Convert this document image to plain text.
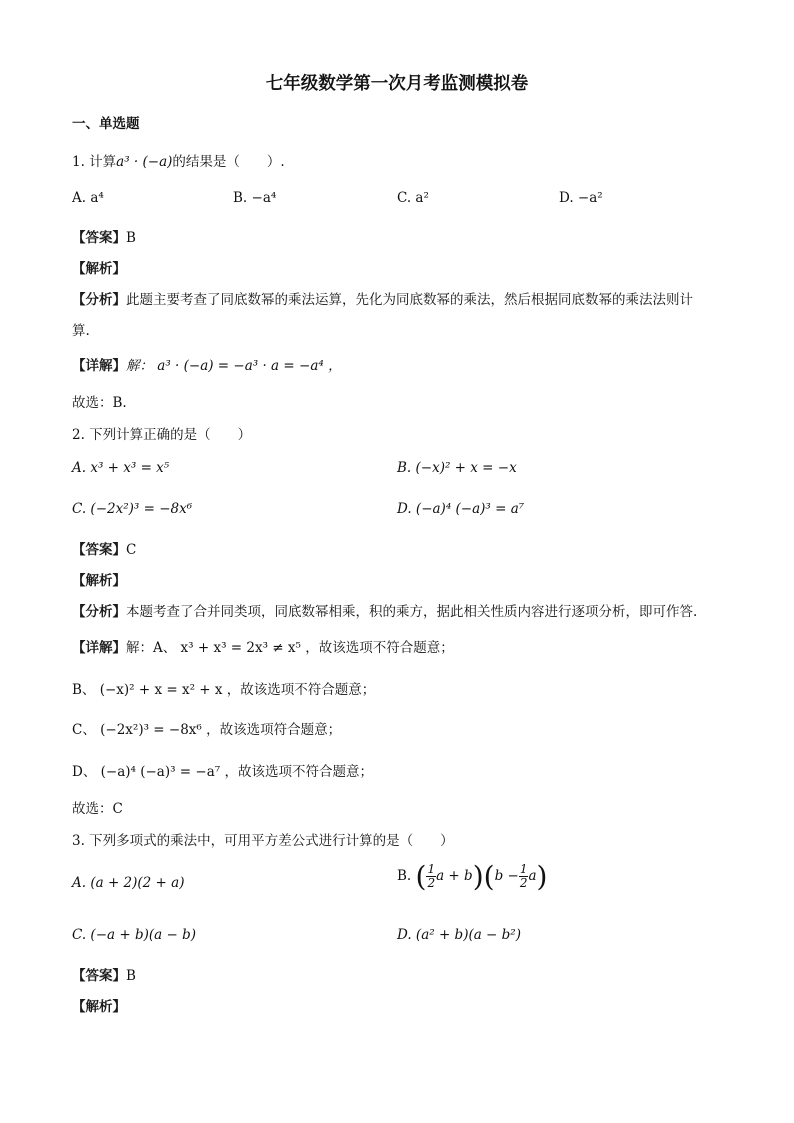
七年级数学第一次月考监测模拟卷
一、单选题
1. 计算a³ · (−a)的结果是（　　）.
A. a⁴	B. −a⁴	C. a²	D. −a²
【答案】B
【解析】
【分析】此题主要考查了同底数幂的乘法运算，先化为同底数幂的乘法，然后根据同底数幂的乘法法则计
算.
【详解】解： a³ · (−a) = −a³ · a = −a⁴ ，
故选：B.
2. 下列计算正确的是（　　）
A. x³ + x³ = x⁵	B. (−x)² + x = −x
C. (−2x²)³ = −8x⁶	D. (−a)⁴ (−a)³ = a⁷
【答案】C
【解析】
【分析】本题考查了合并同类项，同底数幂相乘，积的乘方，据此相关性质内容进行逐项分析，即可作答.
【详解】解：A、 x³ + x³ = 2x³ ≠ x⁵ ，故该选项不符合题意；
B、 (−x)² + x = x² + x ，故该选项不符合题意；
C、 (−2x²)³ = −8x⁶ ，故该选项符合题意；
D、 (−a)⁴ (−a)³ = −a⁷ ，故该选项不符合题意；
故选：C
3. 下列多项式的乘法中，可用平方差公式进行计算的是（　　）
A. (a + 2)(2 + a)	B. ( $\frac{1}{2}$ $a + b)(b - \frac{1}{2} a)$
C. (−a + b)(a − b)	D. (a² + b)(a − b²)
【答案】B
【解析】
